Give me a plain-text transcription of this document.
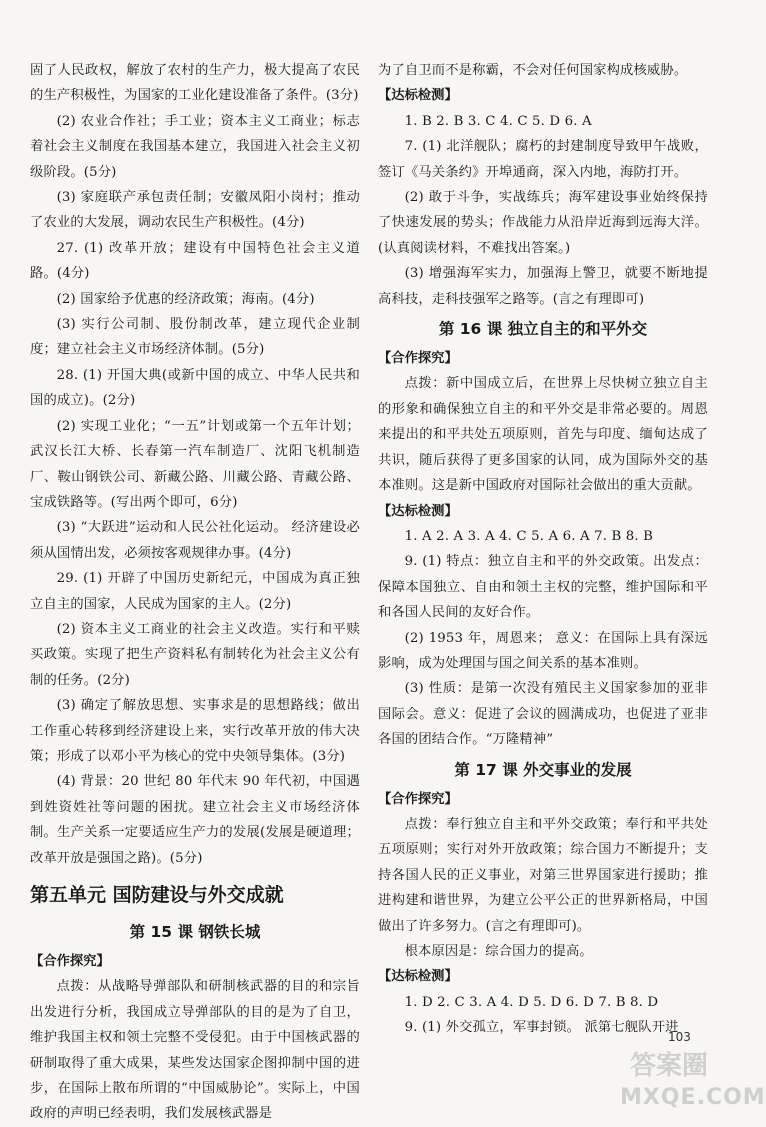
固了人民政权，解放了农村的生产力，极大提高了农民的生产积极性，为国家的工业化建设准备了条件。(3分)

(2) 农业合作社；手工业；资本主义工商业；标志着社会主义制度在我国基本建立，我国进入社会主义初级阶段。(5分)

(3) 家庭联产承包责任制；安徽凤阳小岗村；推动了农业的大发展，调动农民生产积极性。(4分)

27. (1) 改革开放；建设有中国特色社会主义道路。(4分)

(2) 国家给予优惠的经济政策；海南。(4分)

(3) 实行公司制、股份制改革，建立现代企业制度；建立社会主义市场经济体制。(5分)

28. (1) 开国大典(或新中国的成立、中华人民共和国的成立)。(2分)

(2) 实现工业化；“一五”计划或第一个五年计划；武汉长江大桥、长春第一汽车制造厂、沈阳飞机制造厂、鞍山钢铁公司、新藏公路、川藏公路、青藏公路、宝成铁路等。(写出两个即可，6分)

(3) “大跃进”运动和人民公社化运动。 经济建设必须从国情出发，必须按客观规律办事。(4分)

29. (1) 开辟了中国历史新纪元，中国成为真正独立自主的国家，人民成为国家的主人。(2分)

(2) 资本主义工商业的社会主义改造。实行和平赎买政策。实现了把生产资料私有制转化为社会主义公有制的任务。(2分)

(3) 确定了解放思想、实事求是的思想路线；做出工作重心转移到经济建设上来，实行改革开放的伟大决策；形成了以邓小平为核心的党中央领导集体。(3分)

(4) 背景：20 世纪 80 年代末 90 年代初，中国遇到姓资姓社等问题的困扰。建立社会主义市场经济体制。生产关系一定要适应生产力的发展(发展是硬道理；改革开放是强国之路)。(5分)

第五单元 国防建设与外交成就
第 15 课 钢铁长城
【合作探究】

点拨：从战略导弹部队和研制核武器的目的和宗旨出发进行分析，我国成立导弹部队的目的是为了自卫，维护我国主权和领土完整不受侵犯。由于中国核武器的研制取得了重大成果，某些发达国家企图抑制中国的进步，在国际上散布所谓的“中国威胁论”。实际上，中国政府的声明已经表明，我们发展核武器是

为了自卫而不是称霸，不会对任何国家构成核威胁。

【达标检测】

1. B 2. B 3. C 4. C 5. D 6. A

7. (1) 北洋舰队；腐朽的封建制度导致甲午战败，签订《马关条约》开埠通商，深入内地，海防打开。

(2) 敢于斗争，实战练兵；海军建设事业始终保持了快速发展的势头；作战能力从沿岸近海到远海大洋。(认真阅读材料，不难找出答案。)

(3) 增强海军实力，加强海上警卫，就要不断地提高科技，走科技强军之路等。(言之有理即可)

第 16 课 独立自主的和平外交
【合作探究】

点拨：新中国成立后，在世界上尽快树立独立自主的形象和确保独立自主的和平外交是非常必要的。周恩来提出的和平共处五项原则，首先与印度、缅甸达成了共识，随后获得了更多国家的认同，成为国际外交的基本准则。这是新中国政府对国际社会做出的重大贡献。

【达标检测】

1. A 2. A 3. A 4. C 5. A 6. A 7. B 8. B

9. (1) 特点：独立自主和平的外交政策。出发点：保障本国独立、自由和领土主权的完整，维护国际和平和各国人民间的友好合作。

(2) 1953 年，周恩来； 意义：在国际上具有深远影响，成为处理国与国之间关系的基本准则。

(3) 性质：是第一次没有殖民主义国家参加的亚非国际会。意义：促进了会议的圆满成功，也促进了亚非各国的团结合作。“万隆精神”

第 17 课 外交事业的发展
【合作探究】

点拨：奉行独立自主和平外交政策；奉行和平共处五项原则；实行对外开放政策；综合国力不断提升；支持各国人民的正义事业，对第三世界国家进行援助；推进构建和谐世界，为建立公平公正的世界新格局，中国做出了许多努力。(言之有理即可)。

根本原因是：综合国力的提高。

【达标检测】

1. D 2. C 3. A 4. D 5. D 6. D 7. B 8. D

9. (1) 外交孤立，军事封锁。 派第七舰队开进

103
答案圈
MXQE.COM
